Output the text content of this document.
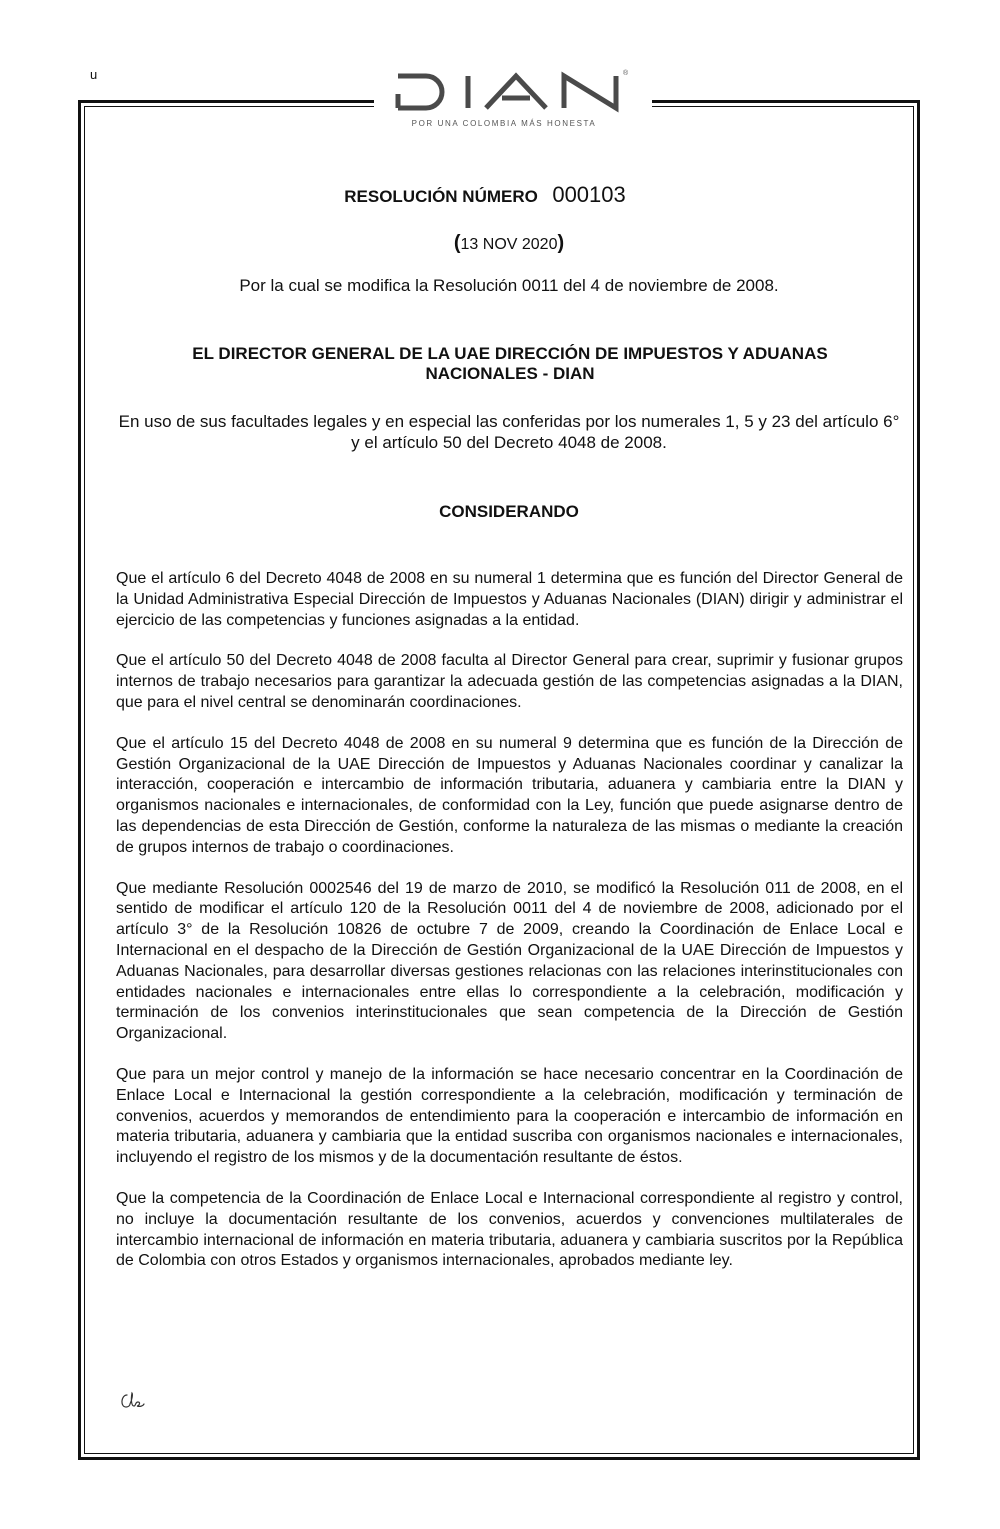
u	®
POR UNA COLOMBIA MÁS HONESTA
RESOLUCIÓN NÚMERO 000103
(13 NOV 2020)
Por la cual se modifica la Resolución 0011 del 4 de noviembre de 2008.
EL DIRECTOR GENERAL DE LA UAE DIRECCIÓN DE IMPUESTOS Y ADUANAS
NACIONALES - DIAN
En uso de sus facultades legales y en especial las conferidas por los numerales 1, 5 y 23 del artículo 6° y el artículo 50 del Decreto 4048 de 2008.
CONSIDERANDO

Que el artículo 6 del Decreto 4048 de 2008 en su numeral 1 determina que es función del Director General de la Unidad Administrativa Especial Dirección de Impuestos y Aduanas Nacionales (DIAN) dirigir y administrar el ejercicio de las competencias y funciones asignadas a la entidad.

Que el artículo 50 del Decreto 4048 de 2008 faculta al Director General para crear, suprimir y fusionar grupos internos de trabajo necesarios para garantizar la adecuada gestión de las competencias asignadas a la DIAN, que para el nivel central se denominarán coordinaciones.

Que el artículo 15 del Decreto 4048 de 2008 en su numeral 9 determina que es función de la Dirección de Gestión Organizacional de la UAE Dirección de Impuestos y Aduanas Nacionales coordinar y canalizar la interacción, cooperación e intercambio de información tributaria, aduanera y cambiaria entre la DIAN y organismos nacionales e internacionales, de conformidad con la Ley, función que puede asignarse dentro de las dependencias de esta Dirección de Gestión, conforme la naturaleza de las mismas o mediante la creación de grupos internos de trabajo o coordinaciones.

Que mediante Resolución 0002546 del 19 de marzo de 2010, se modificó la Resolución 011 de 2008, en el sentido de modificar el artículo 120 de la Resolución 0011 del 4 de noviembre de 2008, adicionado por el artículo 3° de la Resolución 10826 de octubre 7 de 2009, creando la Coordinación de Enlace Local e Internacional en el despacho de la Dirección de Gestión Organizacional de la UAE Dirección de Impuestos y Aduanas Nacionales, para desarrollar diversas gestiones relacionas con las relaciones interinstitucionales con entidades nacionales e internacionales entre ellas lo correspondiente a la celebración, modificación y terminación de los convenios interinstitucionales que sean competencia de la Dirección de Gestión Organizacional.

Que para un mejor control y manejo de la información se hace necesario concentrar en la Coordinación de Enlace Local e Internacional la gestión correspondiente a la celebración, modificación y terminación de convenios, acuerdos y memorandos de entendimiento para la cooperación e intercambio de información en materia tributaria, aduanera y cambiaria que la entidad suscriba con organismos nacionales e internacionales, incluyendo el registro de los mismos y de la documentación resultante de éstos.

Que la competencia de la Coordinación de Enlace Local e Internacional correspondiente al registro y control, no incluye la documentación resultante de los convenios, acuerdos y convenciones multilaterales de intercambio internacional de información en materia tributaria, aduanera y cambiaria suscritos por la República de Colombia con otros Estados y organismos internacionales, aprobados mediante ley.
